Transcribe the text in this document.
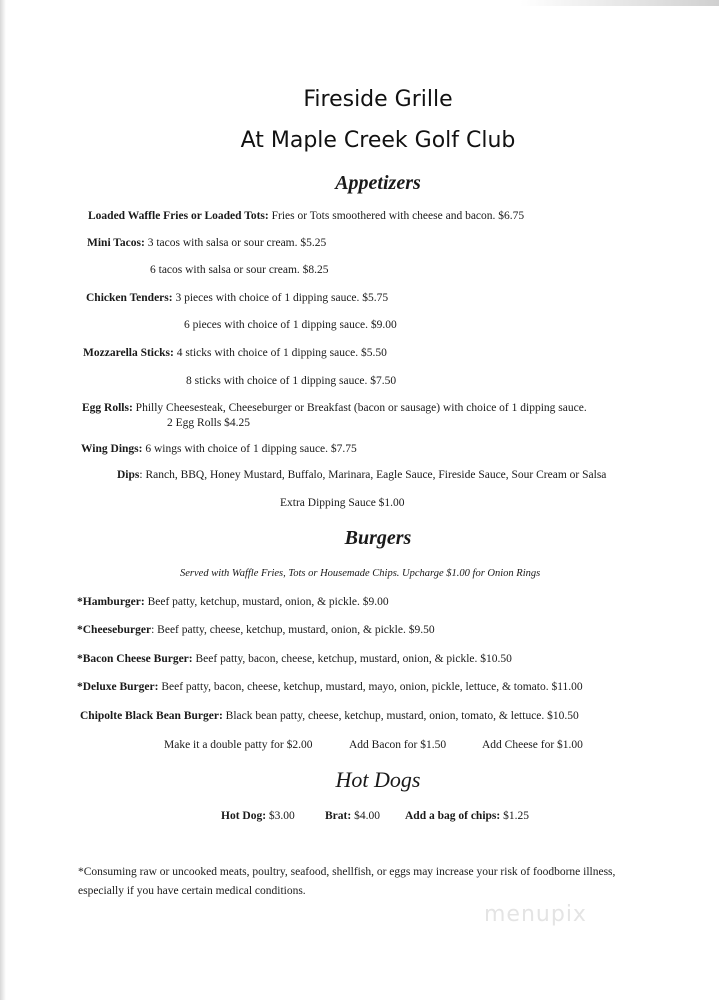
Fireside Grille
At Maple Creek Golf Club
Appetizers
Loaded Waffle Fries or Loaded Tots: Fries or Tots smoothered with cheese and bacon. $6.75
Mini Tacos: 3 tacos with salsa or sour cream. $5.25
6 tacos with salsa or sour cream. $8.25
Chicken Tenders: 3 pieces with choice of 1 dipping sauce. $5.75
6 pieces with choice of 1 dipping sauce. $9.00
Mozzarella Sticks: 4 sticks with choice of 1 dipping sauce. $5.50
8 sticks with choice of 1 dipping sauce. $7.50
Egg Rolls: Philly Cheesesteak, Cheeseburger or Breakfast (bacon or sausage) with choice of 1 dipping sauce.
2 Egg Rolls $4.25
Wing Dings: 6 wings with choice of 1 dipping sauce. $7.75
Dips: Ranch, BBQ, Honey Mustard, Buffalo, Marinara, Eagle Sauce, Fireside Sauce, Sour Cream or Salsa
Extra Dipping Sauce $1.00
Burgers
Served with Waffle Fries, Tots or Housemade Chips. Upcharge $1.00 for Onion Rings
*Hamburger: Beef patty, ketchup, mustard, onion, & pickle. $9.00
*Cheeseburger: Beef patty, cheese, ketchup, mustard, onion, & pickle. $9.50
*Bacon Cheese Burger: Beef patty, bacon, cheese, ketchup, mustard, onion, & pickle. $10.50
*Deluxe Burger: Beef patty, bacon, cheese, ketchup, mustard, mayo, onion, pickle, lettuce, & tomato. $11.00
Chipolte Black Bean Burger: Black bean patty, cheese, ketchup, mustard, onion, tomato, & lettuce. $10.50
Make it a double patty for $2.00	Add Bacon for $1.50	Add Cheese for $1.00
Hot Dogs
Hot Dog: $3.00	Brat: $4.00 Add a bag of chips: $1.25
*Consuming raw or uncooked meats, poultry, seafood, shellfish, or eggs may increase your risk of foodborne illness,
especially if you have certain medical conditions.
menupix
